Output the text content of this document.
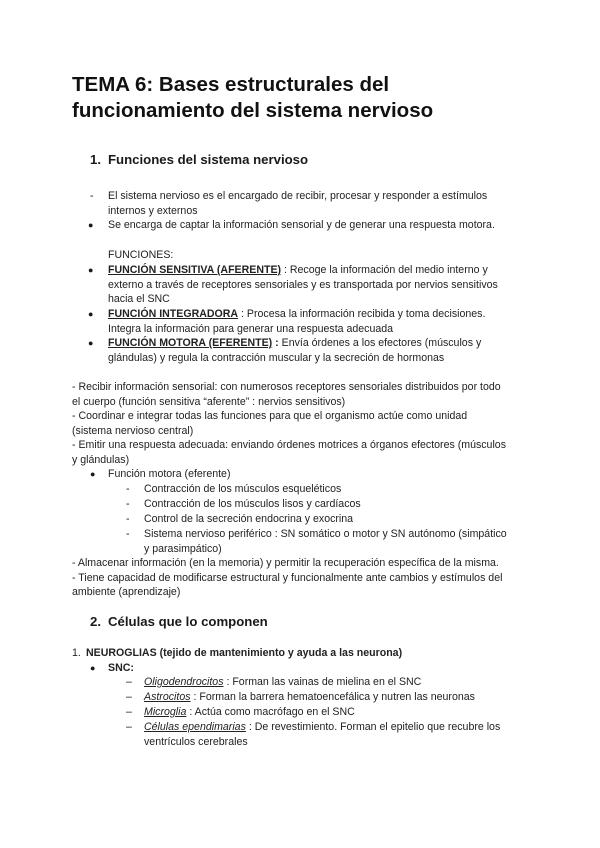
TEMA 6: Bases estructurales del
funcionamiento del sistema nervioso
1. Funciones del sistema nervioso
- El sistema nervioso es el encargado de recibir, procesar y responder a estímulos
internos y externos
● Se encarga de captar la información sensorial y de generar una respuesta motora.
FUNCIONES:
● FUNCIÓN SENSITIVA (AFERENTE) : Recoge la información del medio interno y
externo a través de receptores sensoriales y es transportada por nervios sensitivos
hacia el SNC
● FUNCIÓN INTEGRADORA : Procesa la información recibida y toma decisiones.
Integra la información para generar una respuesta adecuada
● FUNCIÓN MOTORA (EFERENTE) : Envía órdenes a los efectores (músculos y
glándulas) y regula la contracción muscular y la secreción de hormonas
- Recibir información sensorial: con numerosos receptores sensoriales distribuidos por todo
el cuerpo (función sensitiva “aferente” : nervios sensitivos)
- Coordinar e integrar todas las funciones para que el organismo actúe como unidad
(sistema nervioso central)
- Emitir una respuesta adecuada: enviando órdenes motrices a órganos efectores (músculos
y glándulas)
● Función motora (eferente)
- Contracción de los músculos esqueléticos
- Contracción de los músculos lisos y cardíacos
- Control de la secreción endocrina y exocrina
- Sistema nervioso periférico : SN somático o motor y SN autónomo (simpático
y parasimpático)
- Almacenar información (en la memoria) y permitir la recuperación específica de la misma.
- Tiene capacidad de modificarse estructural y funcionalmente ante cambios y estímulos del
ambiente (aprendizaje)
2. Células que lo componen
1. NEUROGLIAS (tejido de mantenimiento y ayuda a las neurona)
● SNC:
– Oligodendrocitos : Forman las vainas de mielina en el SNC
– Astrocitos : Forman la barrera hematoencefálica y nutren las neuronas
– Microglia : Actúa como macrófago en el SNC
– Células ependimarias : De revestimiento. Forman el epitelio que recubre los
ventrículos cerebrales
